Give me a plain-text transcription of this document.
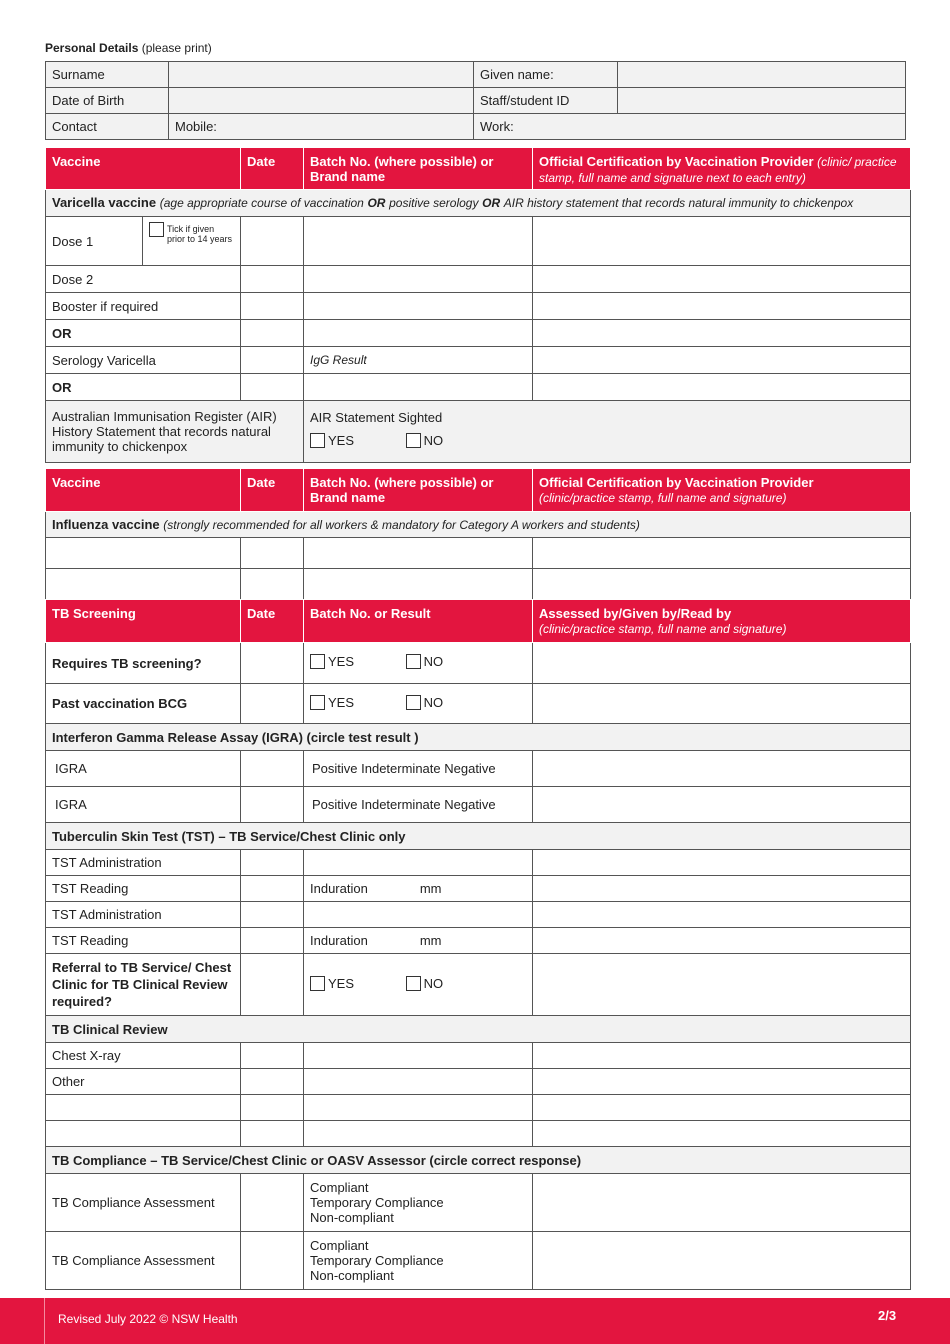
Personal Details (please print)
Surname		Given name:	
Date of Birth		Staff/student ID	
Contact	Mobile:	Work:	
Vaccine		Date	Batch No. (where possible) or Brand name	Official Certification by Vaccination Provider (clinic/ practice stamp, full name and signature next to each entry)
Varicella vaccine (age appropriate course of vaccination OR positive serology OR AIR history statement that records natural immunity to chickenpox				
Dose 1	Tick if given prior to 14 years			

Dose 2				
Booster if required				
OR				
Serology Varicella			IgG Result	
OR				
Australian Immunisation Register (AIR) History Statement that records natural immunity to chickenpox			AIR Statement Sighted
YES
NO	
Vaccine	Date	Batch No. (where possible) or Brand name	Official Certification by Vaccination Provider
(clinic/practice stamp, full name and signature)
Influenza vaccine (strongly recommended for all workers & mandatory for Category A workers and students)			

TB Screening	Date	Batch No. or Result	Assessed by/Given by/Read by
(clinic/practice stamp, full name and signature)
Requires TB screening?		YES
NO	

Past vaccination BCG		YES
NO	

Interferon Gamma Release Assay (IGRA) (circle test result )			
IGRA		Positive Indeterminate Negative	
IGRA		Positive Indeterminate Negative	
Tuberculin Skin Test (TST) – TB Service/Chest Clinic only			
TST Administration			
TST Reading		Induration mm	
TST Administration			
TST Reading		Induration mm	
Referral to TB Service/ Chest Clinic for TB Clinical Review required?		YES
NO	

TB Clinical Review			
Chest X-ray			
Other			

TB Compliance – TB Service/Chest Clinic or OASV Assessor (circle correct response)			
TB Compliance Assessment		Compliant
Temporary Compliance
Non-compliant	

TB Compliance Assessment		Compliant
Temporary Compliance
Non-compliant	

Revised July 2022 © NSW Health	2/3
